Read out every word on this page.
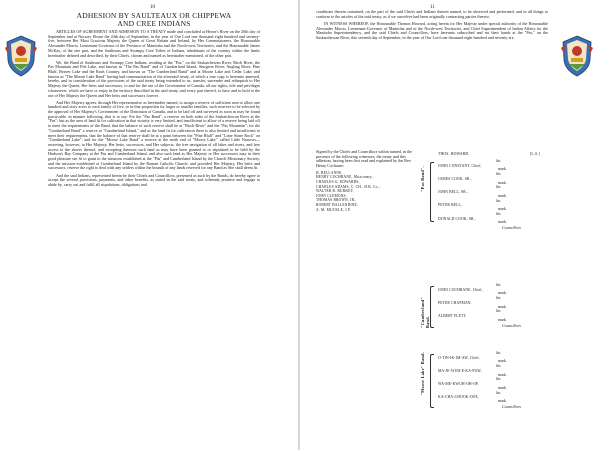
10
ADHESION BY SAULTEAUX OR CHIPPEWA
AND CREE INDIANS

ARTICLES OF AGREEMENT AND ADHESION TO A TREATY made and concluded at Heron's River on the 20th day of September and at Norway House the 24th day of September, in the year of Our Lord one thousand eight hundred and seventy-five, between Her Most Gracious Majesty the Queen of Great Britain and Ireland, by Her Commissioners, the Honourable Alexander Morris, Lieutenant-Governor of the Province of Manitoba and the North-west Territories, and the Honourable James McKay, of the one part, and the Saulteaux and Swampy Cree Tribes of Indians, inhabitants of the country within the limits hereinafter defined and described, by their Chiefs, chosen and named as hereinafter mentioned, of the other part.

We, the Band of Saulteaux and Swampy Cree Indians, residing at the "Pas," on the Saskatchewan River, Birch River, the Pas Mountain and File Lake, and known as "The Pas Band" and of Cumberland Island, Sturgeon River, Angling River, Pine Bluff, Beaver Lake and the Ratts Country, and known as "The Cumberland Band" and at Moose Lake and Cedar Lake, and known as "The Moose Lake Band" having had communication of the aforesaid treaty, of which a true copy is hereunto annexed, hereby, and in consideration of the provisions of the said treaty being extended to us, transfer, surrender and relinquish to Her Majesty the Queen, Her heirs and successors, to and for the use of the Government of Canada, all our rights, title and privileges whatsoever, which we have or enjoy in the territory described in the said treaty, and every part thereof, to have and to hold to the use of Her Majesty the Queen and Her heirs and successors forever.

And Her Majesty agrees, through Her representative as hereinafter named, to assign a reserve of sufficient area to allow one hundred and sixty acres to each family of five, or in that proportion for larger or smaller families, such reserves to be selected by the approval of Her Majesty's Government of the Dominion of Canada, and to be laid off and surveyed as soon as may be found practicable, in manner following, that is to say: For the "Pas Band", a reserve on both sides of the Saskatchewan River at the "Pas"; but as the area of land fit for cultivation in that vicinity is very limited, and insufficient to allow of a reserve being laid off to meet the requirements of the Band, that the balance of such reserve shall be at "Birch River" and the "Pas Mountain"; for the "Cumberland Band" a reserve at "Cumberland Island," and as the land fit for cultivation there is also limited and insufficient to meet their requirements, that the balance of that reserve shall be at a point between the "Pine Bluff" and "Lime Stone Rock" on "Cumberland Lake"; and for the "Moose Lake Band" a reserve at the north end of "Moose Lake," called Little Narrows—reserving, however, to Her Majesty, Her heirs, successors, and Her subjects, the free navigation of all lakes and rivers, and free access to the shores thereof, and excepting thereout such land as may have been granted to or stipulated to be held by the Hudson's Bay Company at the Pas and Cumberland Island, and also such land as Her Majesty or Her successors may in their good pleasure see fit to grant to the missions established at the "Pas" and Cumberland Island by the Church Missionary Society, and the mission established at Cumberland Island by the Roman Catholic Church; and provided Her Majesty, Her heirs and successors, reserve the right to deal with any settlers within the bounds of any lands reserved for any Band as She shall deem fit.

And the said Indians, represented herein by their Chiefs and Councillors, presented as such by the Bands, do hereby agree to accept the several provisions, payments, and other benefits, as stated in the said treaty, and solemnly promise and engage to abide by, carry out and fulfil all stipulations, obligations and

11

conditions therein contained, on the part of the said Chiefs and Indians therein named, to be observed and performed, and in all things to conform to the articles of the said treaty, as if we ourselves had been originally contracting parties thereto.

IN WITNESS WHEREOF, the Honourable Thomas Howard, acting herein for Her Majesty under special authority of the Honourable Alexander Morris, Lieutenant-Governor of Manitoba and of the North-west Territories, and Chief Superintendent of Indian Affairs for the Manitoba Superintendency, and the said Chiefs and Councillors, have hereunto subscribed and set their hands at the "Pas," on the Saskatchewan River, this seventh day of September, in the year of Our Lord one thousand eight hundred and seventy-six.

Signed by the Chiefs and Councillors within named, in the presence of the following witnesses, the treaty and this adhesion, having been first read and explained by the Rev. Henry Cochrane:
H. BELLANNE,
HENRY COCHRANE, Missionary,
CHARLES G. EDWARDS,
CHARLES ADAMS, C. CH., H.B. Co.,
WALTER R. BURKEY,
JOHN CLEMONS,
THOMAS BROWN, JR.,
ROBERT BALLENDINE,
A. M. MUCKLE, J.P.
THOS. HOWARD,	[L.S.]
"Pas Band".
his
JOHN CONSTANT, Chief,
mark.
his
JAMES COOK, SR.,
mark.
his
JOHN BELL, SR.,
mark.
his
PETER BELL,
mark.
his
DONALD COOK, SR.,
mark.
Councillors
"Cumberland" Band.
his
JOHN COCHRANE, Chief,
mark.
his
PETER CHAPMAN,
mark.
his
ALBERT FLETT,
mark.
Councillors
"Moose Lake" Band.	his
O-TIN-IK-IM-AW, Chief,
mark.
his
MA-JE-WUH-E-KA-POW,
mark.
his
WA-ME-KWUH-OH-OP,
mark.
his
KA-CHA-CHOOK-OOE,
mark.
Councillors
